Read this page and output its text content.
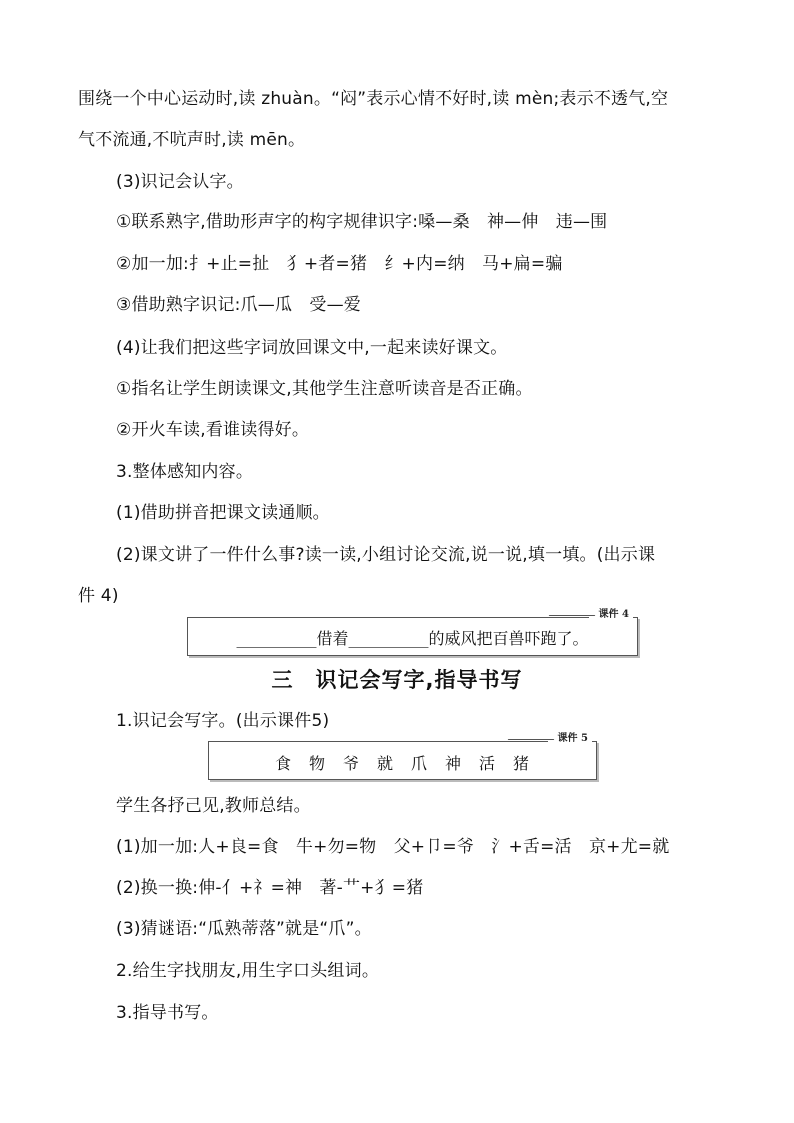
围绕一个中心运动时,读 zhuàn。“闷”表示心情不好时,读 mèn;表示不透气,空

气不流通,不吭声时,读 mēn。

(3)识记会认字。

①联系熟字,借助形声字的构字规律识字:嗓—桑　神—伸　违—围

②加一加:扌+止=扯　犭+者=猪　纟+内=纳　马+扁=骗

③借助熟字识记:爪—瓜　受—爱

(4)让我们把这些字词放回课文中,一起来读好课文。

①指名让学生朗读课文,其他学生注意听读音是否正确。

②开火车读,看谁读得好。

3.整体感知内容。

(1)借助拼音把课文读通顺。

(2)课文讲了一件什么事?读一读,小组讨论交流,说一说,填一填。(出示课

件 4)

课件 4
__________借着__________的威风把百兽吓跑了。
三　识记会写字,指导书写

1.识记会写字。(出示课件5)

课件 5
食　物　爷　就　爪　神　活　猪

学生各抒己见,教师总结。

(1)加一加:人+良=食　牛+勿=物　父+卩=爷　氵+舌=活　京+尤=就

(2)换一换:伸-亻+礻=神　著-艹+犭=猪

(3)猜谜语:“瓜熟蒂落”就是“爪”。

2.给生字找朋友,用生字口头组词。

3.指导书写。
